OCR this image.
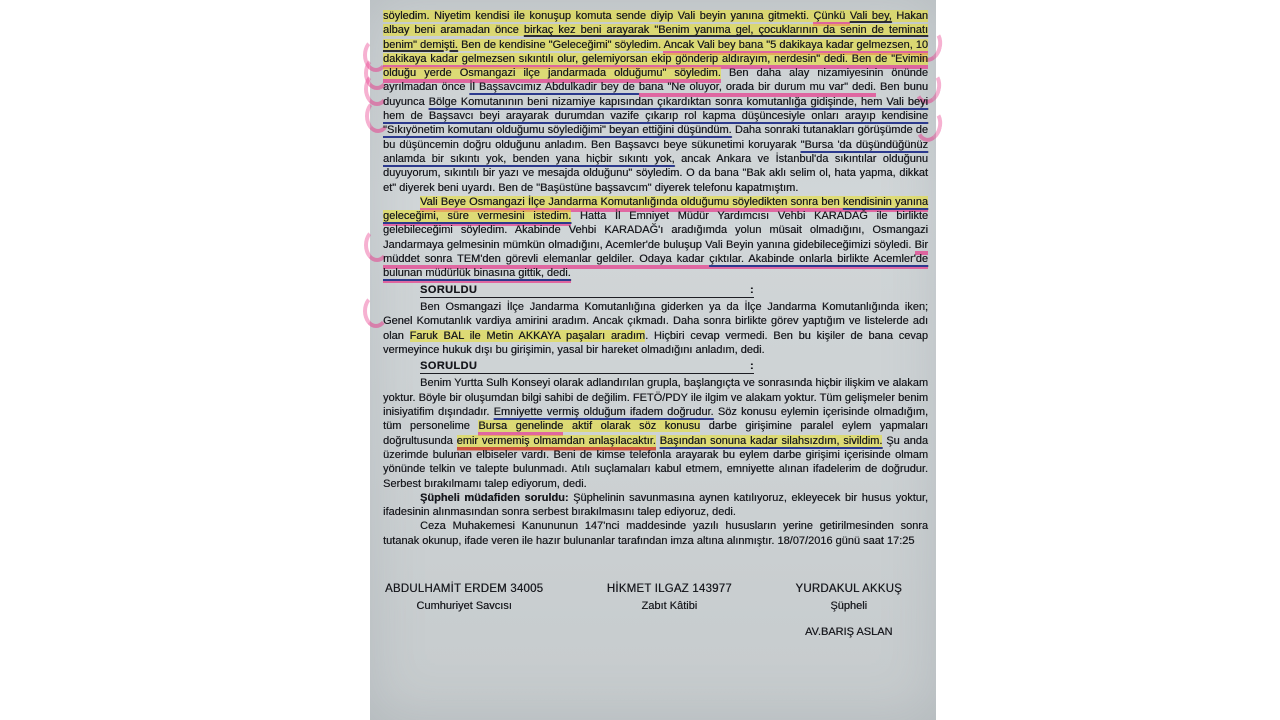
söyledim. Niyetim kendisi ile konuşup komuta sende diyip Vali beyin yanına gitmekti. Çünkü Vali bey, Hakan albay beni aramadan önce birkaç kez beni arayarak "Benim yanıma gel, çocuklarının da senin de teminatı benim" demişti. Ben de kendisine "Geleceğimi" söyledim. Ancak Vali bey bana "5 dakikaya kadar gelmezsen, 10 dakikaya kadar gelmezsen sıkıntılı olur, gelemiyorsan ekip gönderip aldırayım, nerdesin" dedi. Ben de "Evimin olduğu yerde Osmangazi ilçe jandarmada olduğumu" söyledim. Ben daha alay nizamiyesinin önünde ayrılmadan önce İl Başsavcımız Abdulkadir bey de bana "Ne oluyor, orada bir durum mu var" dedi. Ben bunu duyunca Bölge Komutanının beni nizamiye kapısından çıkardıktan sonra komutanlığa gidişinde, hem Vali beyi hem de Başsavcı beyi arayarak durumdan vazife çıkarıp rol kapma düşüncesiyle onları arayıp kendisine "Sıkıyönetim komutanı olduğumu söylediğimi" beyan ettiğini düşündüm. Daha sonraki tutanakları görüşümde de bu düşüncemin doğru olduğunu anladım. Ben Başsavcı beye sükunetimi koruyarak "Bursa 'da düşündüğünüz anlamda bir sıkıntı yok, benden yana hiçbir sıkıntı yok, ancak Ankara ve İstanbul'da sıkıntılar olduğunu duyuyorum, sıkıntılı bir yazı ve mesajda olduğunu" söyledim. O da bana "Bak aklı selim ol, hata yapma, dikkat et" diyerek beni uyardı. Ben de "Başüstüne başsavcım" diyerek telefonu kapatmıştım.

Vali Beye Osmangazi İlçe Jandarma Komutanlığında olduğumu söyledikten sonra ben kendisinin yanına geleceğimi, süre vermesini istedim. Hatta İl Emniyet Müdür Yardımcısı Vehbi KARADAĞ ile birlikte gelebileceğimi söyledim. Akabinde Vehbi KARADAĞ'ı aradığımda yolun müsait olmadığını, Osmangazi Jandarmaya gelmesinin mümkün olmadığını, Acemler'de buluşup Vali Beyin yanına gidebileceğimizi söyledi. Bir müddet sonra TEM'den görevli elemanlar geldiler. Odaya kadar çıktılar. Akabinde onlarla birlikte Acemler'de bulunan müdürlük binasına gittik, dedi.

SORULDU	:

Ben Osmangazi İlçe Jandarma Komutanlığına giderken ya da İlçe Jandarma Komutanlığında iken; Genel Komutanlık vardiya amirini aradım. Ancak çıkmadı. Daha sonra birlikte görev yaptığım ve listelerde adı olan Faruk BAL ile Metin AKKAYA paşaları aradım. Hiçbiri cevap vermedi. Ben bu kişiler de bana cevap vermeyince hukuk dışı bu girişimin, yasal bir hareket olmadığını anladım, dedi.

SORULDU	:

Benim Yurtta Sulh Konseyi olarak adlandırılan grupla, başlangıçta ve sonrasında hiçbir ilişkim ve alakam yoktur. Böyle bir oluşumdan bilgi sahibi de değilim. FETÖ/PDY ile ilgim ve alakam yoktur. Tüm gelişmeler benim inisiyatifim dışındadır. Emniyette vermiş olduğum ifadem doğrudur. Söz konusu eylemin içerisinde olmadığım, tüm personelime Bursa genelinde aktif olarak söz konusu darbe girişimine paralel eylem yapmaları doğrultusunda emir vermemiş olmamdan anlaşılacaktır. Başından sonuna kadar silahsızdım, sivildim. Şu anda üzerimde bulunan elbiseler vardı. Beni de kimse telefonla arayarak bu eylem darbe girişimi içerisinde olmam yönünde telkin ve talepte bulunmadı. Atılı suçlamaları kabul etmem, emniyette alınan ifadelerim de doğrudur. Serbest bırakılmamı talep ediyorum, dedi.

Şüpheli müdafiden soruldu: Şüphelinin savunmasına aynen katılıyoruz, ekleyecek bir husus yoktur, ifadesinin alınmasından sonra serbest bırakılmasını talep ediyoruz, dedi.

Ceza Muhakemesi Kanununun 147'nci maddesinde yazılı hususların yerine getirilmesinden sonra tutanak okunup, ifade veren ile hazır bulunanlar tarafından imza altına alınmıştır. 18/07/2016 günü saat 17:25

ABDULHAMİT ERDEM 34005
Cumhuriyet Savcısı
HİKMET ILGAZ 143977
Zabıt Kâtibi
YURDAKUL AKKUŞ
Şüpheli
AV.BARIŞ ASLAN
